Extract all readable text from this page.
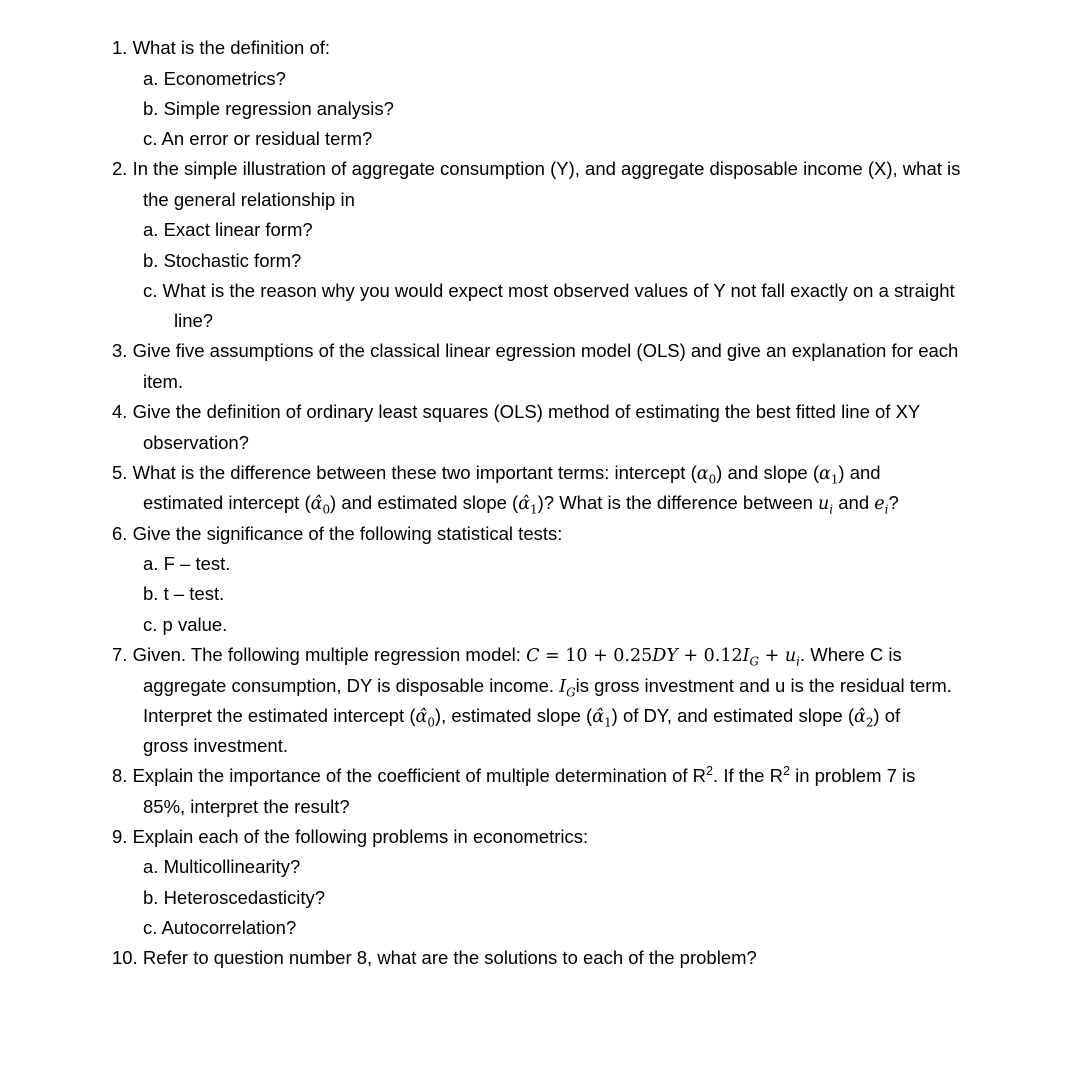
1. What is the definition of:
a. Econometrics?
b. Simple regression analysis?
c. An error or residual term?
2. In the simple illustration of aggregate consumption (Y), and aggregate disposable income (X), what is
the general relationship in
a. Exact linear form?
b. Stochastic form?
c. What is the reason why you would expect most observed values of Y not fall exactly on a straight
line?
3. Give five assumptions of the classical linear egression model (OLS) and give an explanation for each
item.
4. Give the definition of ordinary least squares (OLS) method of estimating the best fitted line of XY
observation?
5. What is the difference between these two important terms: intercept $(\alpha_0)$ and slope $(\alpha_1)$ and
estimated intercept $(\alphâ_0)$ and estimated slope $(\alphâ_1)$? What is the difference between $u_i$ and $e_i$?
6. Give the significance of the following statistical tests:
a. F – test.
b. t – test.
c. p value.
7. Given. The following multiple regression model: $C = 10 + 0.25DY + 0.12I_G + u_i$. Where C is
aggregate consumption, DY is disposable income. $I_Gis$ gross investment and u is the residual term.
Interpret the estimated intercept $(\alphâ_0)$, estimated slope $(\alphâ_1)$ of DY, and estimated slope $(\alphâ_2)$ of
gross investment.
8. Explain the importance of the coefficient of multiple determination of $R^2$. If the $R^2$ in problem 7 is
85%, interpret the result?
9. Explain each of the following problems in econometrics:
a. Multicollinearity?
b. Heteroscedasticity?
c. Autocorrelation?
10. Refer to question number 8, what are the solutions to each of the problem?
